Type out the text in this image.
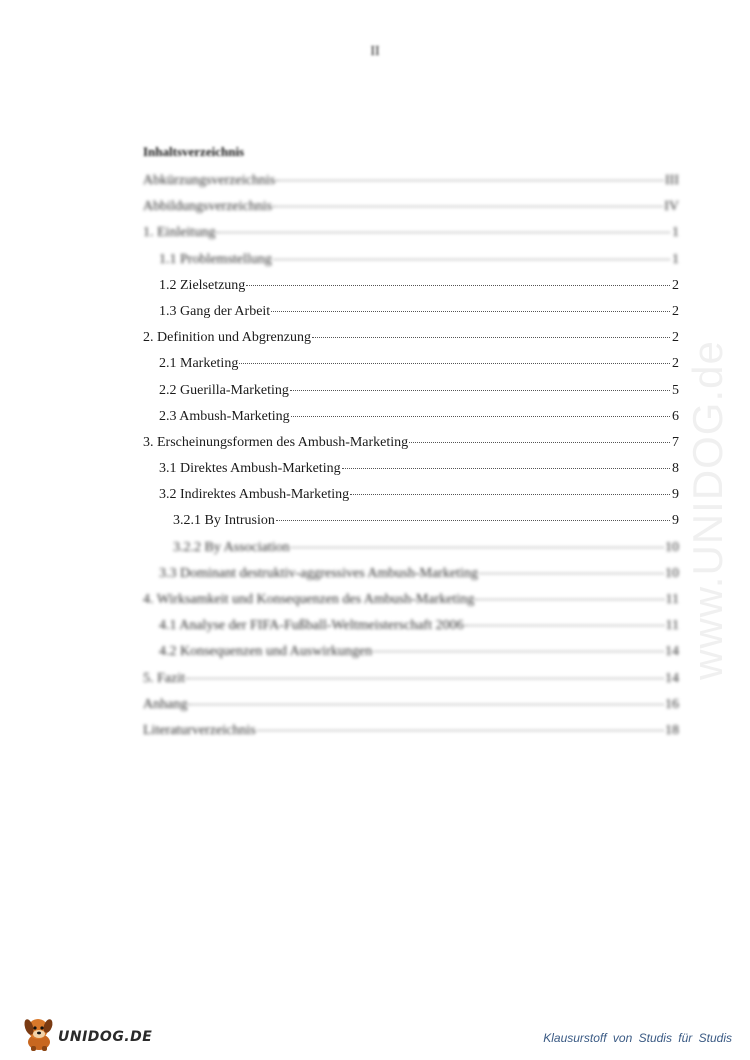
II
Inhaltsverzeichnis
Abkürzungsverzeichnis	III
Abbildungsverzeichnis	IV
1. Einleitung	1
1.1 Problemstellung	1
1.2 Zielsetzung	2
1.3 Gang der Arbeit	2
2. Definition und Abgrenzung	2
2.1 Marketing	2
2.2 Guerilla-Marketing	5
2.3 Ambush-Marketing	6
3. Erscheinungsformen des Ambush-Marketing	7
3.1 Direktes Ambush-Marketing	8
3.2 Indirektes Ambush-Marketing	9
3.2.1 By Intrusion	9
3.2.2 By Association	10
3.3 Dominant destruktiv-aggressives Ambush-Marketing	10
4. Wirksamkeit und Konsequenzen des Ambush-Marketing	11
4.1 Analyse der FIFA-Fußball-Weltmeisterschaft 2006	11
4.2 Konsequenzen und Auswirkungen	14
5. Fazit	14
Anhang	16
Literaturverzeichnis	18
www.UNIDOG.de
UNIDOG.DE	Klausurstoff von Studis für Studis
